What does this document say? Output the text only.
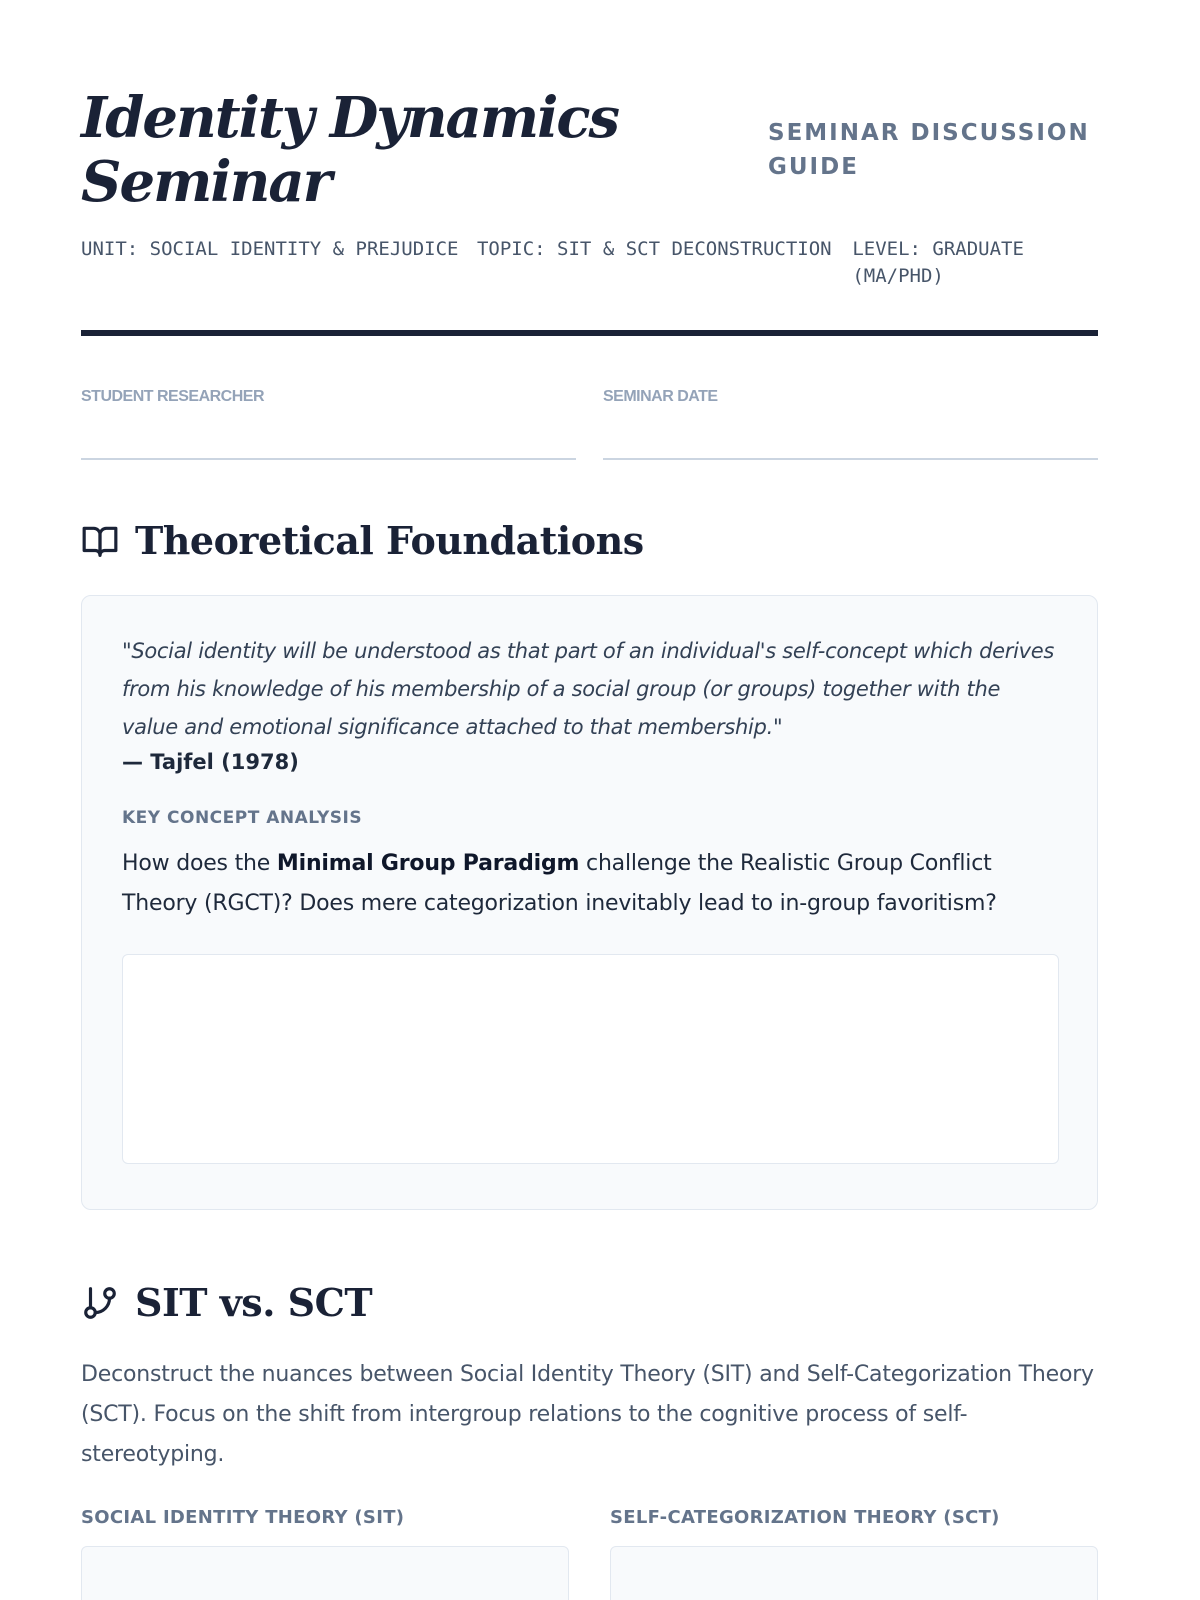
Identity Dynamics Seminar
SEMINAR DISCUSSION GUIDE
UNIT: SOCIAL IDENTITY & PREJUDICE TOPIC: SIT & SCT DECONSTRUCTION	LEVEL: GRADUATE (MA/PHD)
STUDENT RESEARCHER	SEMINAR DATE
Theoretical Foundations

"Social identity will be understood as that part of an individual's self-concept which derives from his knowledge of his membership of a social group (or groups) together with the value and emotional significance attached to that membership."

— Tajfel (1978)

KEY CONCEPT ANALYSIS

How does the Minimal Group Paradigm challenge the Realistic Group Conflict Theory (RGCT)? Does mere categorization inevitably lead to in-group favoritism?

SIT vs. SCT

Deconstruct the nuances between Social Identity Theory (SIT) and Self-Categorization Theory (SCT). Focus on the shift from intergroup relations to the cognitive process of self-stereotyping.

SOCIAL IDENTITY THEORY (SIT)	SELF-CATEGORIZATION THEORY (SCT)
